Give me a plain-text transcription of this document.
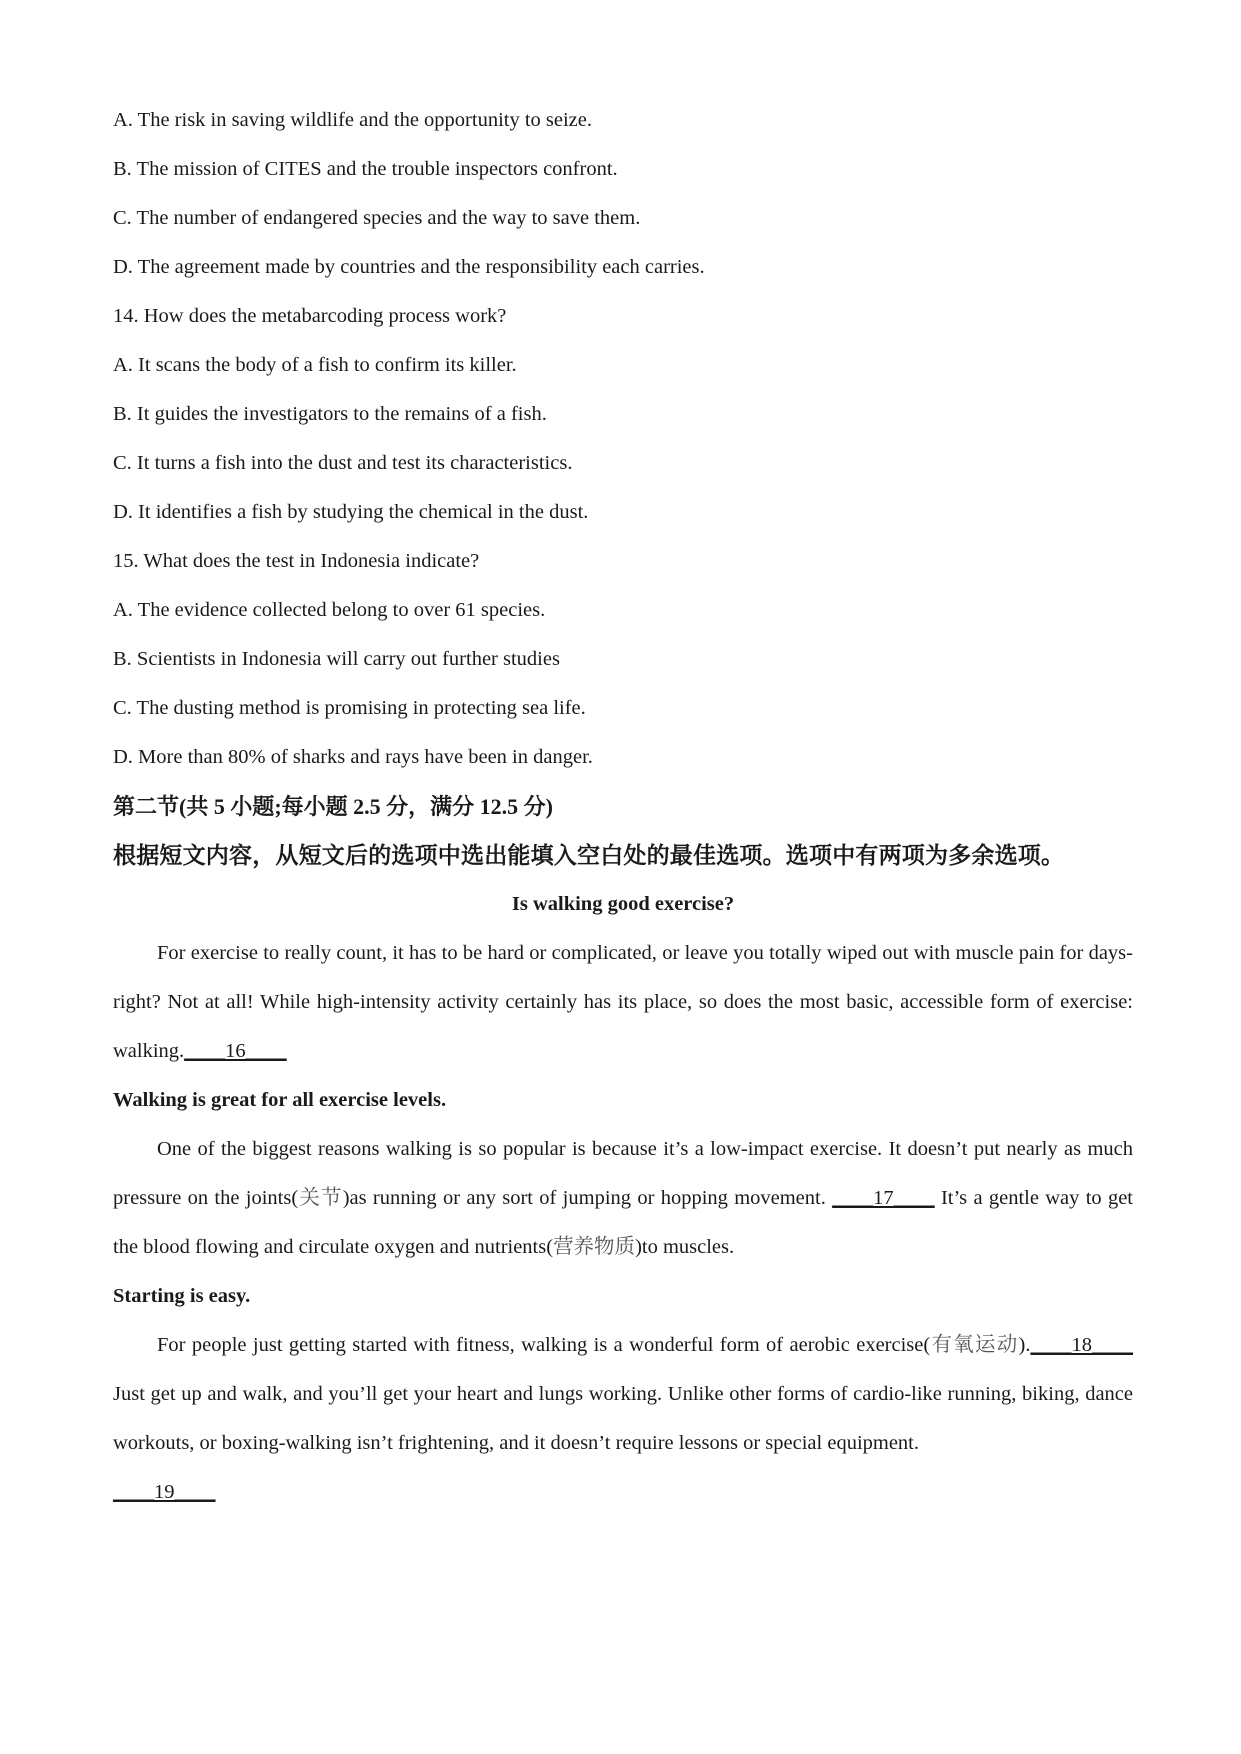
A. The risk in saving wildlife and the opportunity to seize.
B. The mission of CITES and the trouble inspectors confront.
C. The number of endangered species and the way to save them.
D. The agreement made by countries and the responsibility each carries.
14. How does the metabarcoding process work?
A. It scans the body of a fish to confirm its killer.
B. It guides the investigators to the remains of a fish.
C. It turns a fish into the dust and test its characteristics.
D. It identifies a fish by studying the chemical in the dust.
15. What does the test in Indonesia indicate?
A. The evidence collected belong to over 61 species.
B. Scientists in Indonesia will carry out further studies
C. The dusting method is promising in protecting sea life.
D. More than 80% of sharks and rays have been in danger.
第二节(共 5 小题;每小题 2.5 分，满分 12.5 分)
根据短文内容，从短文后的选项中选出能填入空白处的最佳选项。选项中有两项为多余选项。
Is walking good exercise?
For exercise to really count, it has to be hard or complicated, or leave you totally wiped out with muscle pain for days-right? Not at all! While high-intensity activity certainly has its place, so does the most basic, accessible form of exercise: walking.____16____
Walking is great for all exercise levels.
One of the biggest reasons walking is so popular is because it’s a low-impact exercise. It doesn’t put nearly as much pressure on the joints(关节)as running or any sort of jumping or hopping movement. ____17____ It’s a gentle way to get the blood flowing and circulate oxygen and nutrients(营养物质)to muscles.
Starting is easy.
For people just getting started with fitness, walking is a wonderful form of aerobic exercise(有氧运动).____18____ Just get up and walk, and you’ll get your heart and lungs working. Unlike other forms of cardio-like running, biking, dance workouts, or boxing-walking isn’t frightening, and it doesn’t require lessons or special equipment.
____19____
